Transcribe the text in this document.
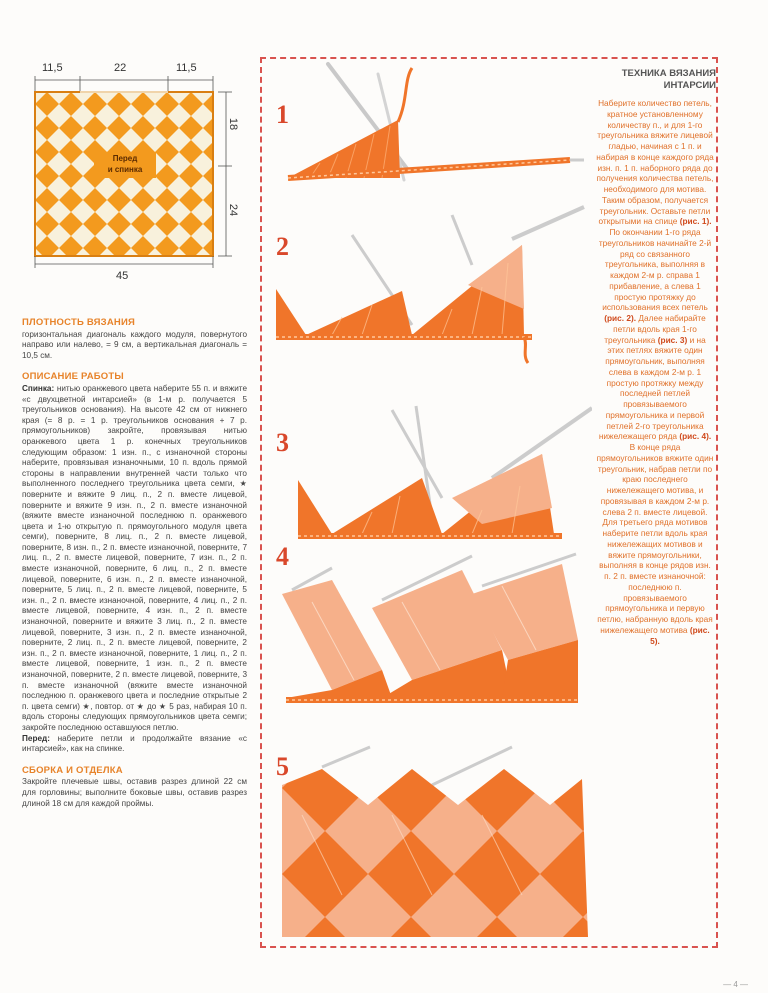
11,5	22	11,5
Перед
и спинка
18
24
45
ПЛОТНОСТЬ ВЯЗАНИЯ

горизонтальная диагональ каждого модуля, повернутого направо или налево, = 9 см, а вертикальная диагональ = 10,5 см.

ОПИСАНИЕ РАБОТЫ

Спинка: нитью оранжевого цвета наберите 55 п. и вяжите «с двухцветной интарсией» (в 1-м р. получается 5 треугольников основания). На высоте 42 см от нижнего края (= 8 р. = 1 р. треугольников основания + 7 р. прямоугольников) закройте, провязывая нитью оранжевого цвета 1 р. конечных треугольников следующим образом: 1 изн. п., с изнаночной стороны наберите, провязывая изнаночными, 10 п. вдоль прямой стороны в направлении внутренней части только что выполненного последнего треугольника цвета семги, ★ поверните и вяжите 9 лиц. п., 2 п. вместе лицевой, поверните и вяжите 9 изн. п., 2 п. вместе изнаночной (вяжите вместе изнаночной последнюю п. оранжевого цвета и 1-ю открытую п. прямоугольного модуля цвета семги), поверните, 8 лиц. п., 2 п. вместе лицевой, поверните, 8 изн. п., 2 п. вместе изнаночной, поверните, 7 лиц. п., 2 п. вместе лицевой, поверните, 7 изн. п., 2 п. вместе изнаночной, поверните, 6 лиц. п., 2 п. вместе лицевой, поверните, 6 изн. п., 2 п. вместе изнаночной, поверните, 5 лиц. п., 2 п. вместе лицевой, поверните, 5 изн. п., 2 п. вместе изнаночной, поверните, 4 лиц. п., 2 п. вместе лицевой, поверните, 4 изн. п., 2 п. вместе изнаночной, поверните и вяжите 3 лиц. п., 2 п. вместе лицевой, поверните, 3 изн. п., 2 п. вместе изнаночной, поверните, 2 лиц. п., 2 п. вместе лицевой, поверните, 2 изн. п., 2 п. вместе изнаночной, поверните, 1 лиц. п., 2 п. вместе лицевой, поверните, 1 изн. п., 2 п. вместе изнаночной, поверните, 2 п. вместе лицевой, поверните, 3 п. вместе изнаночной (вяжите вместе изнаночной последнюю п. оранжевого цвета и последние открытые 2 п. цвета семги) ★, повтор. от ★ до ★ 5 раз, набирая 10 п. вдоль стороны следующих прямоугольников цвета семги; закройте последнюю оставшуюся петлю.

Перед: наберите петли и продолжайте вязание «с интарсией», как на спинке.

СБОРКА И ОТДЕЛКА

Закройте плечевые швы, оставив разрез длиной 22 см для горловины; выполните боковые швы, оставив разрез длиной 18 см для каждой проймы.

ТЕХНИКА ВЯЗАНИЯ
ИНТАРСИИ
Наберите количество петель, кратное установленному количеству п., и для 1-го треугольника вяжите лицевой гладью, начиная с 1 п. и набирая в конце каждого ряда изн. п. 1 п. наборного ряда до получения количества петель, необходимого для мотива. Таким образом, получается треугольник. Оставьте петли открытыми на спице (рис. 1). По окончании 1-го ряда треугольников начинайте 2-й ряд со связанного треугольника, выполняя в каждом 2-м р. справа 1 прибавление, а слева 1 простую протяжку до использования всех петель (рис. 2). Далее набирайте петли вдоль края 1-го треугольника (рис. 3) и на этих петлях вяжите один прямоугольник, выполняя слева в каждом 2-м р. 1 простую протяжку между последней петлей провязываемого прямоугольника и первой петлей 2-го треугольника нижележащего ряда (рис. 4). В конце ряда прямоугольников вяжите один треугольник, набрав петли по краю последнего нижележащего мотива, и провязывая в каждом 2-м р. слева 2 п. вместе лицевой. Для третьего ряда мотивов наберите петли вдоль края нижележащих мотивов и вяжите прямоугольники, выполняя в конце рядов изн. п. 2 п. вместе изнаночной: последнюю п. провязываемого прямоугольника и первую петлю, набранную вдоль края нижележащего мотива (рис. 5).
1
2
3
4
5
— 4 —
